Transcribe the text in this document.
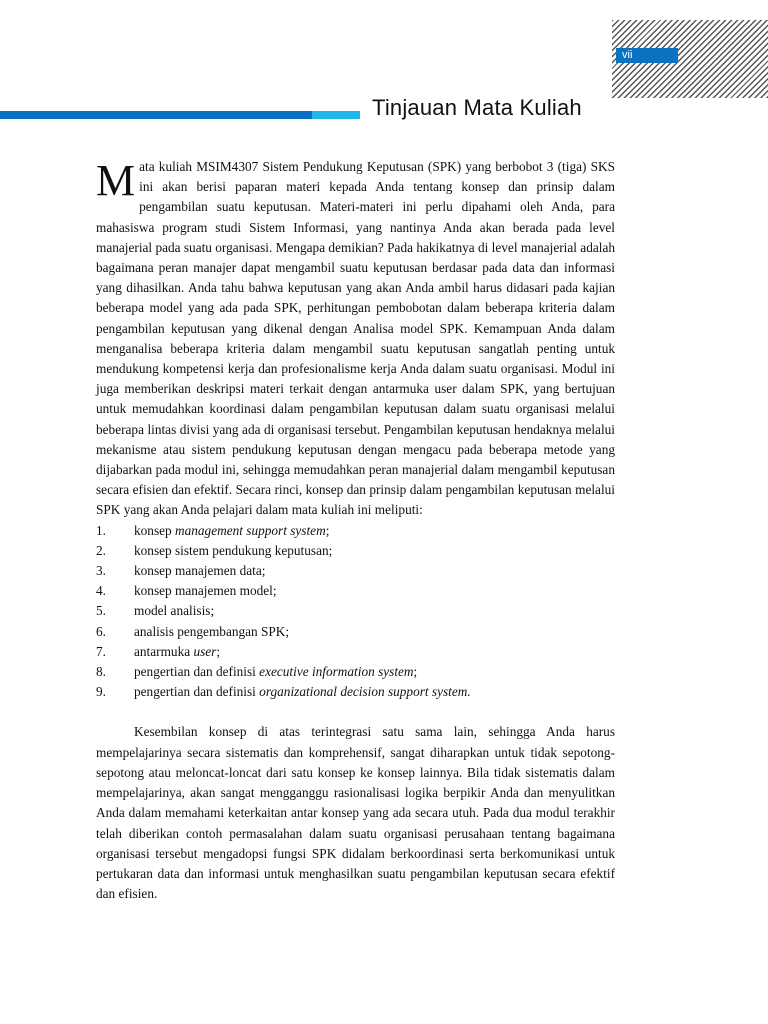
vii
Tinjauan Mata Kuliah

Mata kuliah MSIM4307 Sistem Pendukung Keputusan (SPK) yang berbobot 3 (tiga) SKS ini akan berisi paparan materi kepada Anda tentang konsep dan prinsip dalam pengambilan suatu keputusan. Materi-materi ini perlu dipahami oleh Anda, para mahasiswa program studi Sistem Informasi, yang nantinya Anda akan berada pada level manajerial pada suatu organisasi. Mengapa demikian? Pada hakikatnya di level manajerial adalah bagaimana peran manajer dapat mengambil suatu keputusan berdasar pada data dan informasi yang dihasilkan. Anda tahu bahwa keputusan yang akan Anda ambil harus didasari pada kajian beberapa model yang ada pada SPK, perhitungan pembobotan dalam beberapa kriteria dalam pengambilan keputusan yang dikenal dengan Analisa model SPK. Kemampuan Anda dalam menganalisa beberapa kriteria dalam mengambil suatu keputusan sangatlah penting untuk mendukung kompetensi kerja dan profesionalisme kerja Anda dalam suatu organisasi. Modul ini juga memberikan deskripsi materi terkait dengan antarmuka user dalam SPK, yang bertujuan untuk memudahkan koordinasi dalam pengambilan keputusan dalam suatu organisasi melalui beberapa lintas divisi yang ada di organisasi tersebut. Pengambilan keputusan hendaknya melalui mekanisme atau sistem pendukung keputusan dengan mengacu pada beberapa metode yang dijabarkan pada modul ini, sehingga memudahkan peran manajerial dalam mengambil keputusan secara efisien dan efektif. Secara rinci, konsep dan prinsip dalam pengambilan keputusan melalui SPK yang akan Anda pelajari dalam mata kuliah ini meliputi:

1. konsep management support system;
2. konsep sistem pendukung keputusan;
3. konsep manajemen data;
4. konsep manajemen model;
5. model analisis;
6. analisis pengembangan SPK;
7. antarmuka user;
8. pengertian dan definisi executive information system;
9. pengertian dan definisi organizational decision support system.

Kesembilan konsep di atas terintegrasi satu sama lain, sehingga Anda harus mempelajarinya secara sistematis dan komprehensif, sangat diharapkan untuk tidak sepotong-sepotong atau meloncat-loncat dari satu konsep ke konsep lainnya. Bila tidak sistematis dalam mempelajarinya, akan sangat mengganggu rasionalisasi logika berpikir Anda dan menyulitkan Anda dalam memahami keterkaitan antar konsep yang ada secara utuh. Pada dua modul terakhir telah diberikan contoh permasalahan dalam suatu organisasi perusahaan tentang bagaimana organisasi tersebut mengadopsi fungsi SPK didalam berkoordinasi serta berkomunikasi untuk pertukaran data dan informasi untuk menghasilkan suatu pengambilan keputusan secara efektif dan efisien.
